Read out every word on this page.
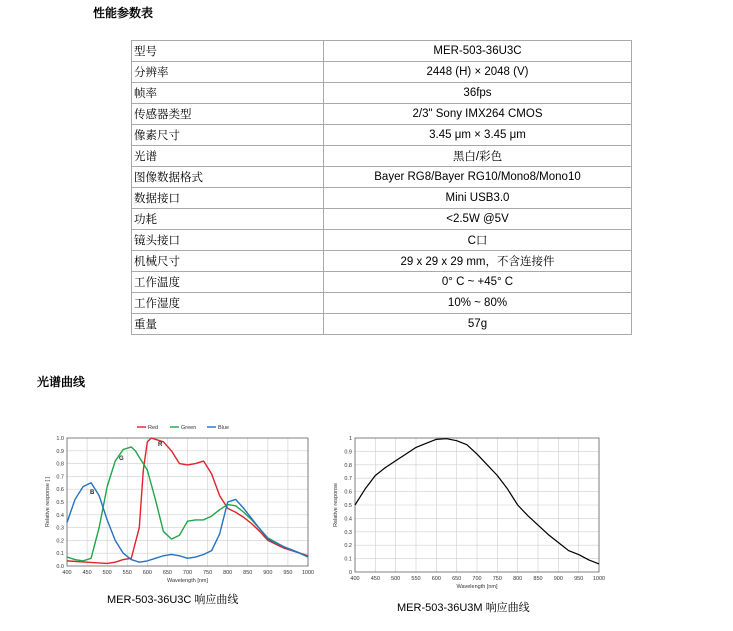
性能参数表
型号	MER-503-36U3C
分辨率	2448 (H) × 2048 (V)
帧率	36fps
传感器类型	2/3" Sony IMX264 CMOS
像素尺寸	3.45 μm × 3.45 μm
光谱	黑白/彩色
图像数据格式	Bayer RG8/Bayer RG10/Mono8/Mono10
数据接口	Mini USB3.0
功耗	<2.5W @5V
镜头接口	C口
机械尺寸	29 x 29 x 29 mm，不含连接件
工作温度	0° C ~ +45° C
工作湿度	10% ~ 80%
重量	57g
光谱曲线
400 450 500 550 600 650 700 750 800 850 900 950 1000
0.0
0.1
0.2
0.3
0.4
0.5
0.6
0.7
0.8
0.9
1.0
Wavelength [nm]
Relative response [ ]
Red	Green	Blue
B
G
R
MER-503-36U3C 响应曲线
400 450 500 550 600 650 700 750 800 850 900 950 1000
0
0.1
0.2
0.3
0.4
0.5
0.6
0.7
0.8
0.9
1
Wavelength [nm]
Relative response
MER-503-36U3M 响应曲线
